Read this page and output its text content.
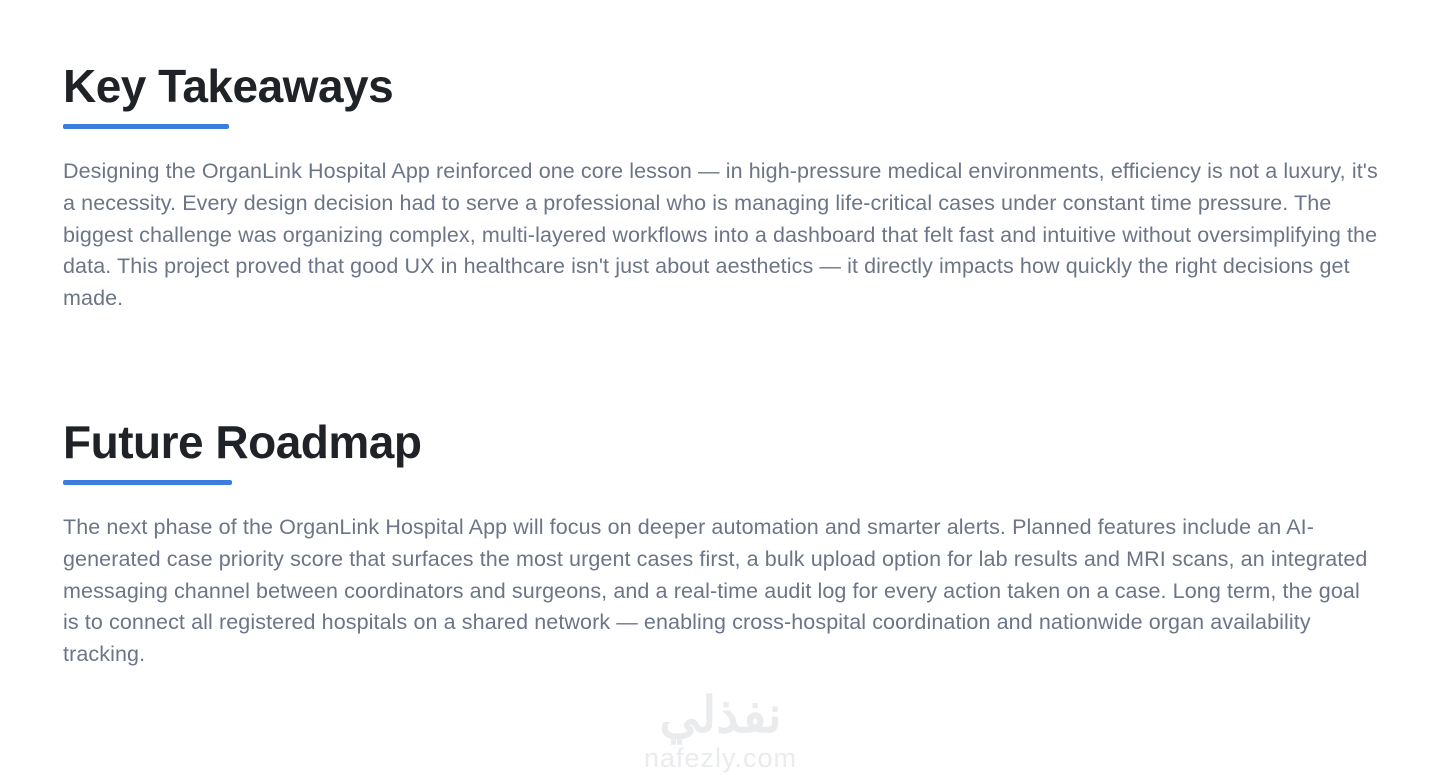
Key Takeaways

Designing the OrganLink Hospital App reinforced one core lesson — in high-pressure medical environments, efficiency is not a luxury, it's a necessity. Every design decision had to serve a professional who is managing life-critical cases under constant time pressure. The biggest challenge was organizing complex, multi-layered workflows into a dashboard that felt fast and intuitive without oversimplifying the data. This project proved that good UX in healthcare isn't just about aesthetics — it directly impacts how quickly the right decisions get made.

Future Roadmap

The next phase of the OrganLink Hospital App will focus on deeper automation and smarter alerts. Planned features include an AI-generated case priority score that surfaces the most urgent cases first, a bulk upload option for lab results and MRI scans, an integrated messaging channel between coordinators and surgeons, and a real-time audit log for every action taken on a case. Long term, the goal is to connect all registered hospitals on a shared network — enabling cross-hospital coordination and nationwide organ availability tracking.

نفذلي
nafezly.com
